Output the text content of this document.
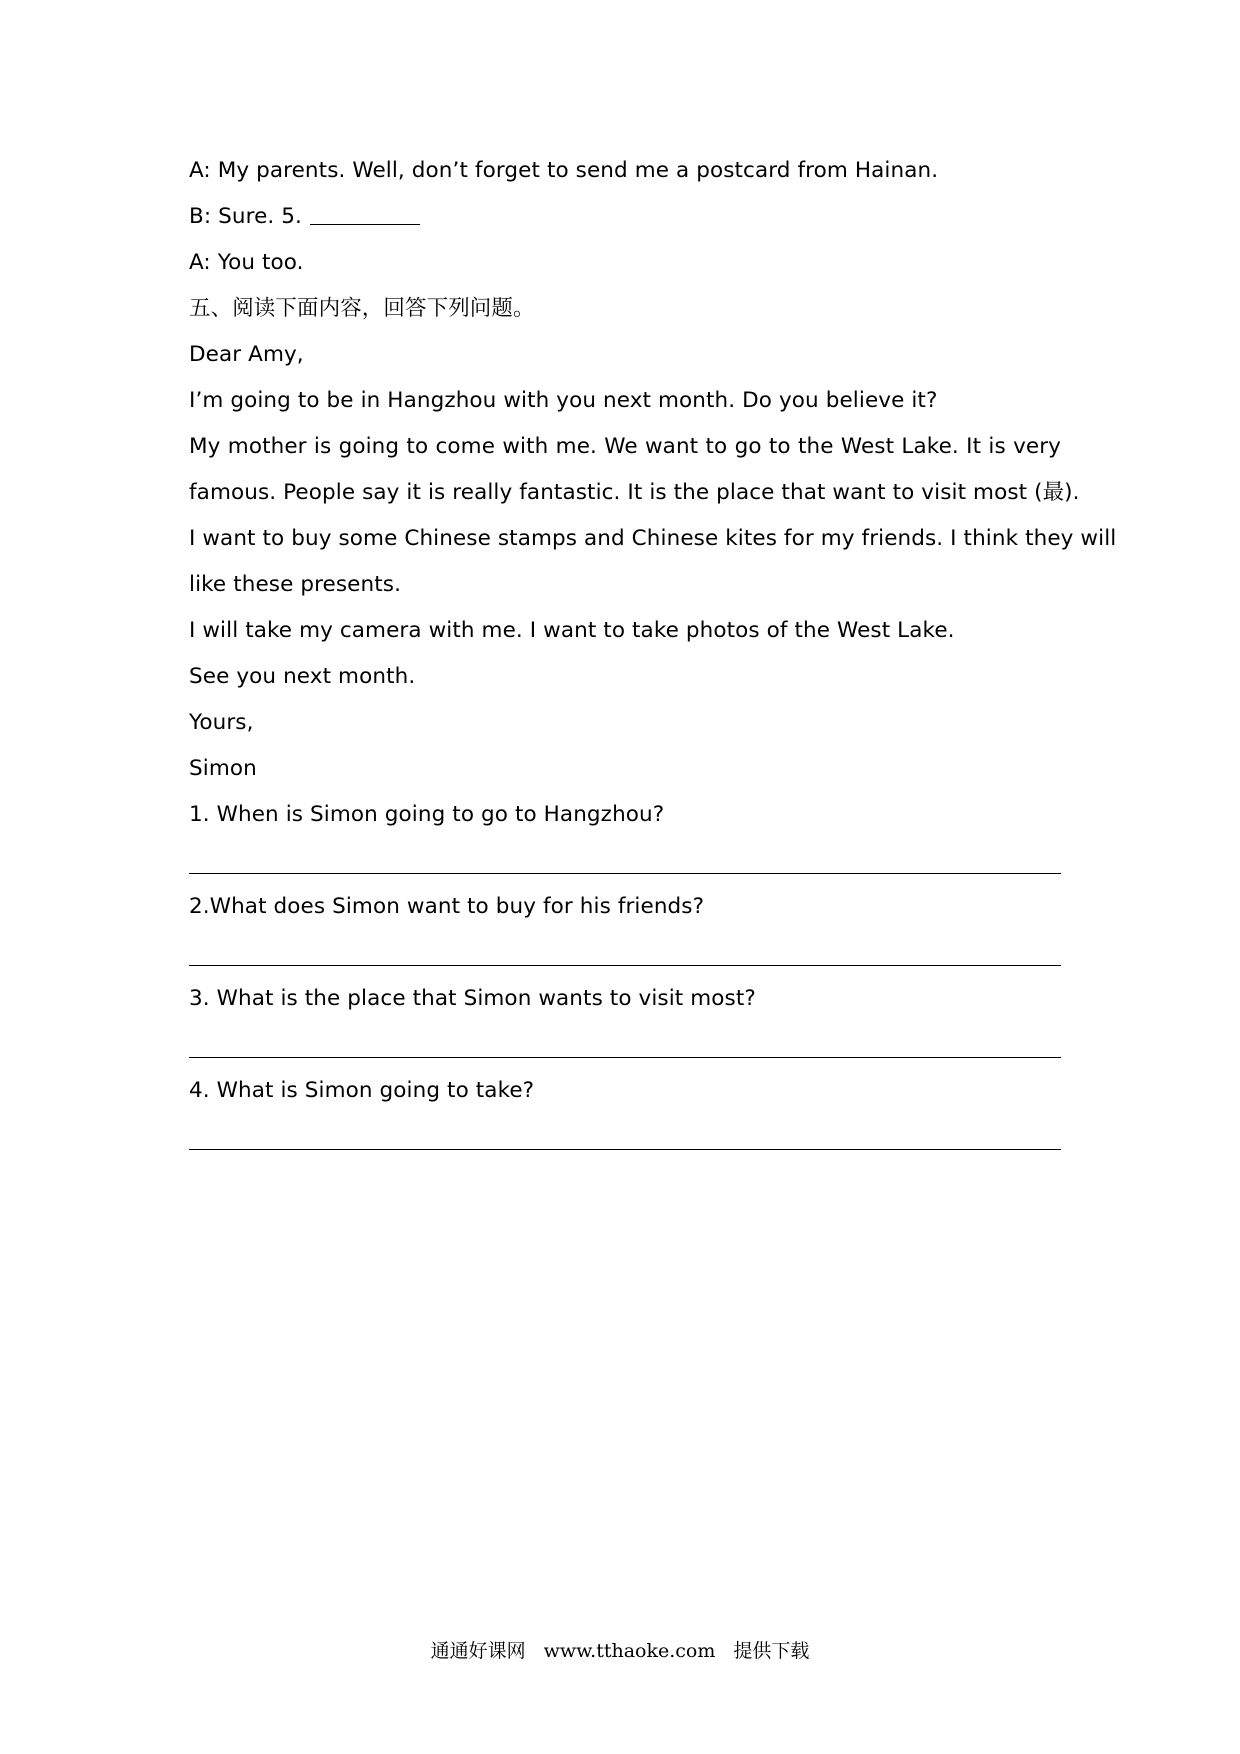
A: My parents. Well, don’t forget to send me a postcard from Hainan.
B: Sure. 5.
A: You too.
五、阅读下面内容，回答下列问题。
Dear Amy,
I’m going to be in Hangzhou with you next month. Do you believe it?
My mother is going to come with me. We want to go to the West Lake. It is very
famous. People say it is really fantastic. It is the place that want to visit most (最).
I want to buy some Chinese stamps and Chinese kites for my friends. I think they will
like these presents.
I will take my camera with me. I want to take photos of the West Lake.
See you next month.
Yours,
Simon
1. When is Simon going to go to Hangzhou?
2.What does Simon want to buy for his friends?
3. What is the place that Simon wants to visit most?
4. What is Simon going to take?
通通好课网 www.tthaoke.com 提供下载
